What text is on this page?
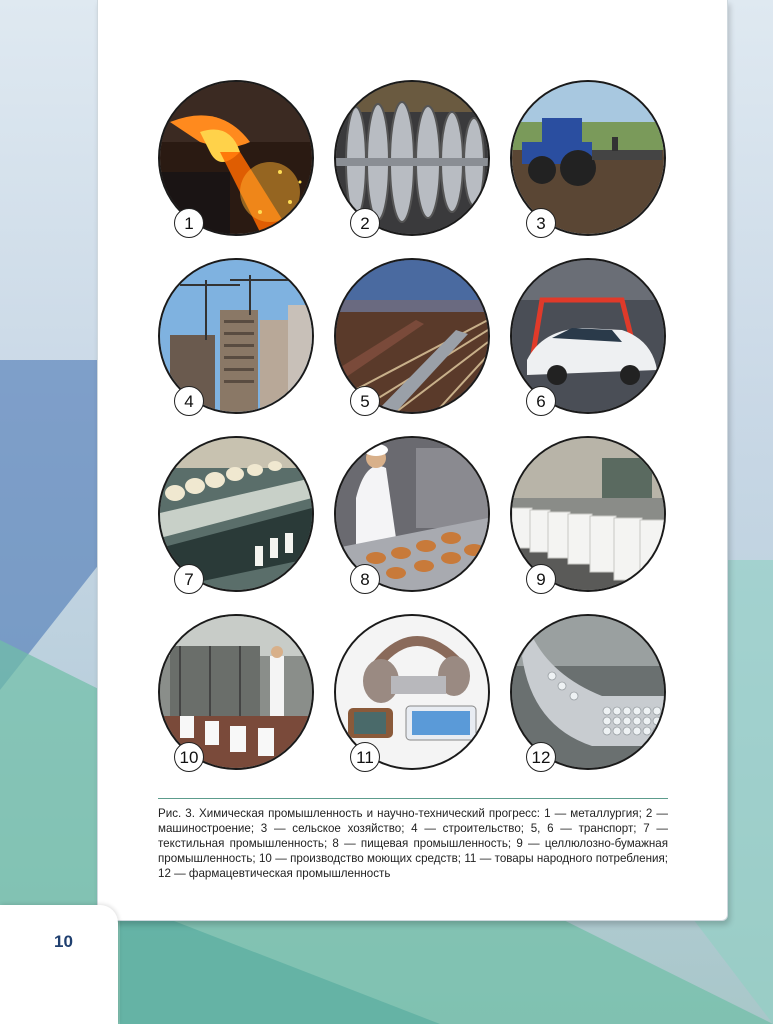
1	2	3
4	5	6
7	8	9
10	11	12
Рис. 3. Химическая промышленность и научно-технический прогресс: 1 — металлургия; 2 — машиностроение; 3 — сельское хозяйство; 4 — строительство; 5, 6 — транспорт; 7 — текстильная промышленность; 8 — пищевая промышленность; 9 — целлюлозно-бумажная промышленность; 10 — производство моющих средств; 11 — товары народного потребления; 12 — фармацевтическая промышленность
10
